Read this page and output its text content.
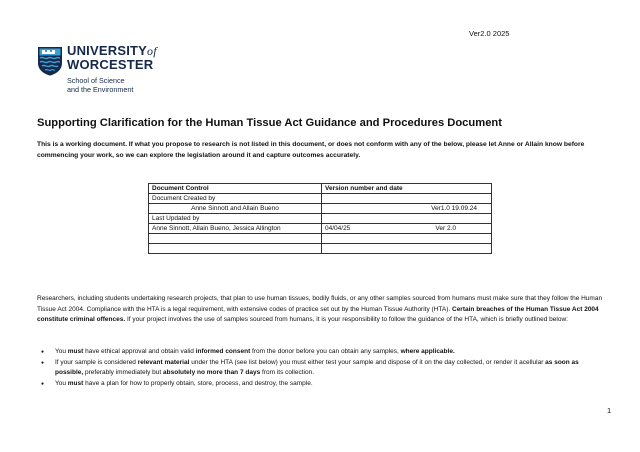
Ver2.0 2025
UNIVERSITYof
WORCESTER
School of Science
and the Environment
Supporting Clarification for the Human Tissue Act Guidance and Procedures Document
This is a working document. If what you propose to research is not listed in this document, or does not conform with any of the below, please let Anne or Allain know before commencing your work, so we can explore the legislation around it and capture outcomes accurately.
Document Control	Version number and date
Document Created by	
Anne Sinnott and Allain Bueno	Ver1.0 19.09.24
Last Updated by	
Anne Sinnott, Allain Bueno, Jessica Allington	04/04/25 Ver 2.0

Researchers, including students undertaking research projects, that plan to use human tissues, bodily fluids, or any other samples sourced from humans must make sure that they follow the Human Tissue Act 2004. Compliance with the HTA is a legal requirement, with extensive codes of practice set out by the Human Tissue Authority (HTA). Certain breaches of the Human Tissue Act 2004 constitute criminal offences. If your project involves the use of samples sourced from humans, it is your responsibility to follow the guidance of the HTA, which is briefly outlined below:
● You must have ethical approval and obtain valid informed consent from the donor before you can obtain any samples, where applicable.
● If your sample is considered relevant material under the HTA (see list below) you must either test your sample and dispose of it on the day collected, or render it acellular as soon as possible, preferably immediately but absolutely no more than 7 days from its collection.
● You must have a plan for how to properly obtain, store, process, and destroy, the sample.
1
